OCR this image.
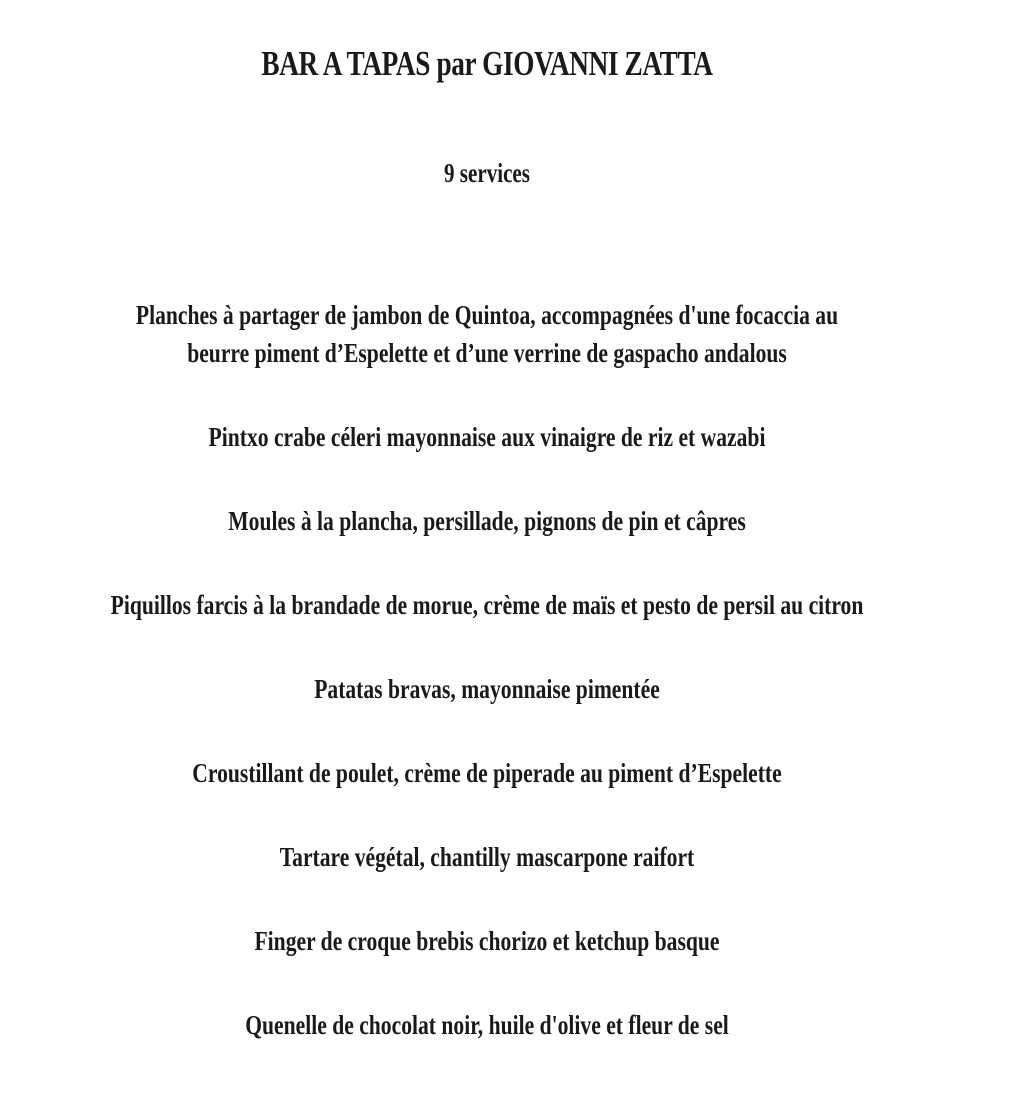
BAR A TAPAS par GIOVANNI ZATTA
9 services
Planches à partager de jambon de Quintoa, accompagnées d'une focaccia au beurre piment d’Espelette et d’une verrine de gaspacho andalous
Pintxo crabe céleri mayonnaise aux vinaigre de riz et wazabi
Moules à la plancha, persillade, pignons de pin et câpres
Piquillos farcis à la brandade de morue, crème de maïs et pesto de persil au citron
Patatas bravas, mayonnaise pimentée
Croustillant de poulet, crème de piperade au piment d’Espelette
Tartare végétal, chantilly mascarpone raifort
Finger de croque brebis chorizo et ketchup basque
Quenelle de chocolat noir, huile d'olive et fleur de sel
